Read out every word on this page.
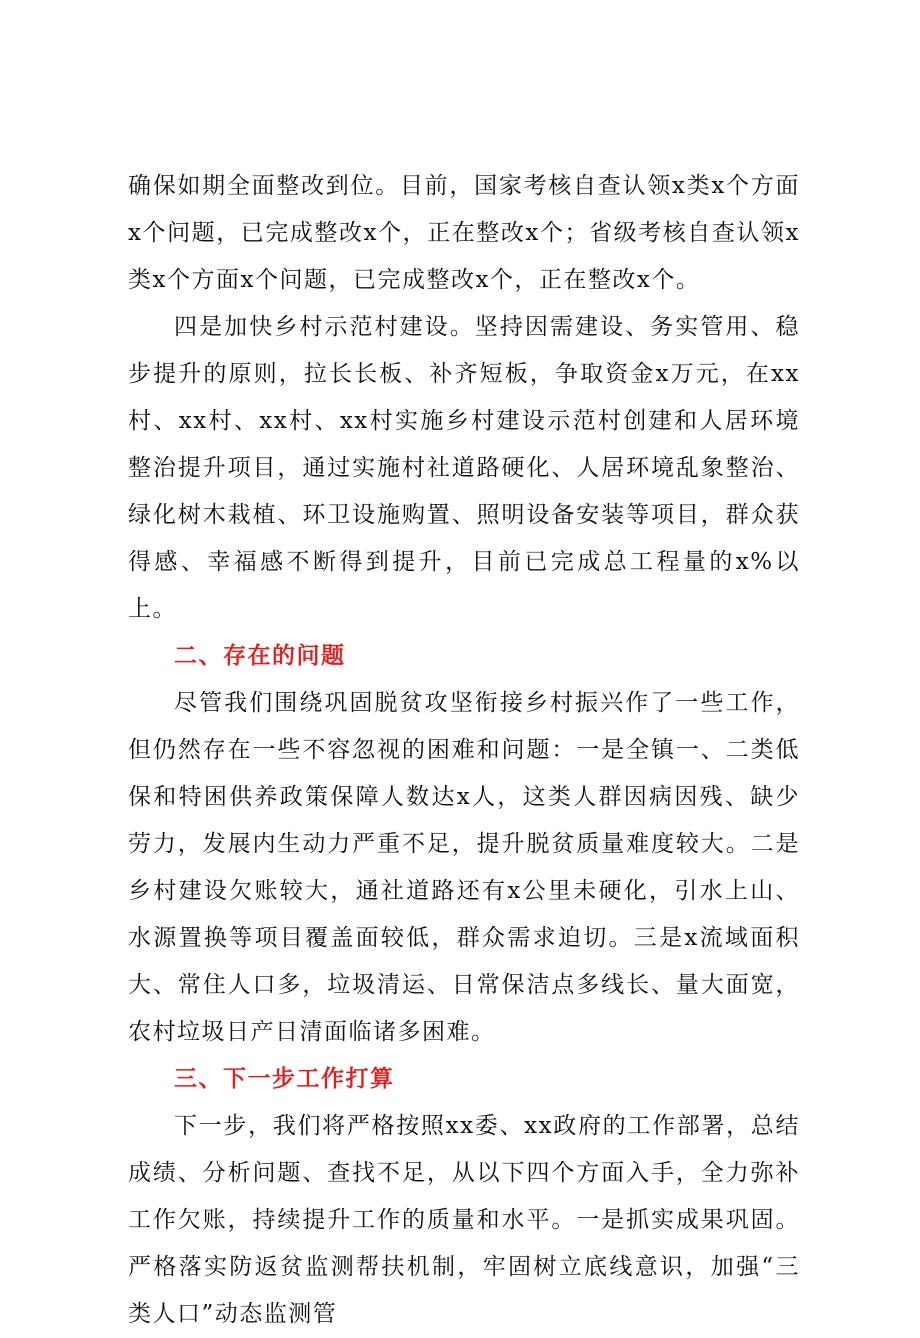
确保如期全面整改到位。目前，国家考核自查认领x类x个方面x个问题，已完成整改x个，正在整改x个；省级考核自查认领x类x个方面x个问题，已完成整改x个，正在整改x个。

四是加快乡村示范村建设。坚持因需建设、务实管用、稳步提升的原则，拉长长板、补齐短板，争取资金x万元，在xx村、xx村、xx村、xx村实施乡村建设示范村创建和人居环境整治提升项目，通过实施村社道路硬化、人居环境乱象整治、绿化树木栽植、环卫设施购置、照明设备安装等项目，群众获得感、幸福感不断得到提升，目前已完成总工程量的x%以上。

二、存在的问题

尽管我们围绕巩固脱贫攻坚衔接乡村振兴作了一些工作，但仍然存在一些不容忽视的困难和问题：一是全镇一、二类低保和特困供养政策保障人数达x人，这类人群因病因残、缺少劳力，发展内生动力严重不足，提升脱贫质量难度较大。二是乡村建设欠账较大，通社道路还有x公里未硬化，引水上山、水源置换等项目覆盖面较低，群众需求迫切。三是x流域面积大、常住人口多，垃圾清运、日常保洁点多线长、量大面宽，农村垃圾日产日清面临诸多困难。

三、下一步工作打算

下一步，我们将严格按照xx委、xx政府的工作部署，总结成绩、分析问题、查找不足，从以下四个方面入手，全力弥补工作欠账，持续提升工作的质量和水平。一是抓实成果巩固。严格落实防返贫监测帮扶机制，牢固树立底线意识，加强“三类人口”动态监测管
